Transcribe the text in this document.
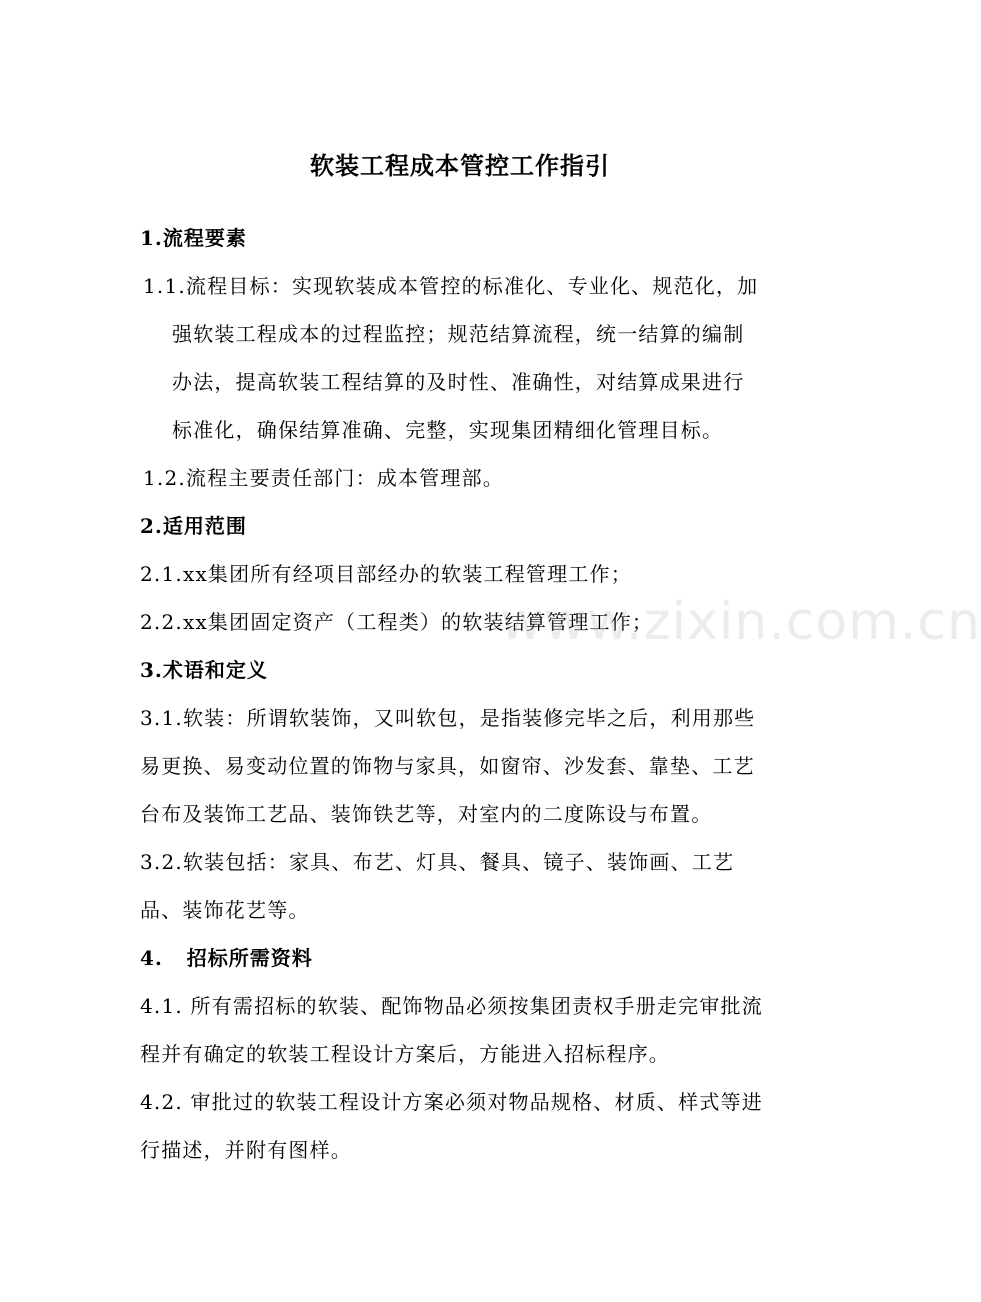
软装工程成本管控工作指引
1.流程要素
1.1.流程目标：实现软装成本管控的标准化、专业化、规范化，加
强软装工程成本的过程监控；规范结算流程，统一结算的编制
办法，提高软装工程结算的及时性、准确性，对结算成果进行
标准化，确保结算准确、完整，实现集团精细化管理目标。
1.2.流程主要责任部门：成本管理部。
2.适用范围
2.1.xx集团所有经项目部经办的软装工程管理工作；
2.2.xx集团固定资产（工程类）的软装结算管理工作；
3.术语和定义
3.1.软装：所谓软装饰，又叫软包，是指装修完毕之后，利用那些
易更换、易变动位置的饰物与家具，如窗帘、沙发套、靠垫、工艺
台布及装饰工艺品、装饰铁艺等，对室内的二度陈设与布置。
3.2.软装包括：家具、布艺、灯具、餐具、镜子、装饰画、工艺
品、装饰花艺等。
4.   招标所需资料
4.1. 所有需招标的软装、配饰物品必须按集团责权手册走完审批流
程并有确定的软装工程设计方案后，方能进入招标程序。
4.2. 审批过的软装工程设计方案必须对物品规格、材质、样式等进
行描述，并附有图样。
www.zixin.com.cn
